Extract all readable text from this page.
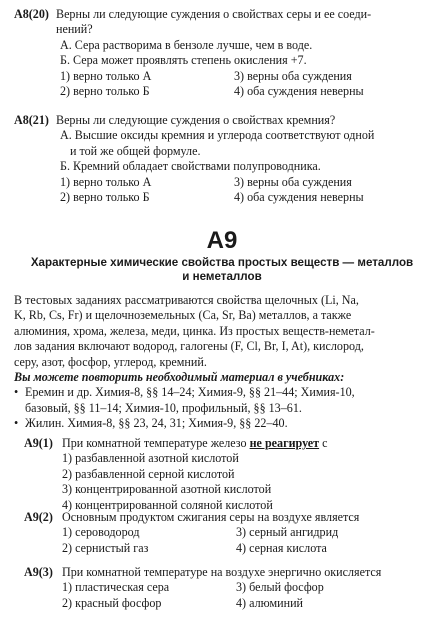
А8(20) Верны ли следующие суждения о свойствах серы и ее соеди-
нений?
А. Сера растворима в бензоле лучше, чем в воде.
Б. Сера может проявлять степень окисления +7.
1) верно только А	3) верны оба суждения
2) верно только Б	4) оба суждения неверны
А8(21) Верны ли следующие суждения о свойствах кремния?
А. Высшие оксиды кремния и углерода соответствуют одной
и той же общей формуле.
Б. Кремний обладает свойствами полупроводника.
1) верно только А	3) верны оба суждения
2) верно только Б	4) оба суждения неверны
A9
Характерные химические свойства простых веществ — металлов
и неметаллов
В тестовых заданиях рассматриваются свойства щелочных (Li, Na,
K, Rb, Cs, Fr) и щелочноземельных (Ca, Sr, Ba) металлов, а также
алюминия, хрома, железа, меди, цинка. Из простых веществ-неметал-
лов задания включают водород, галогены (F, Cl, Br, I, At), кислород,
серу, азот, фосфор, углерод, кремний.
Вы можете повторить необходимый материал в учебниках:
• Еремин и др. Химия-8, §§ 14–24; Химия-9, §§ 21–44; Химия-10,
базовый, §§ 11–14; Химия-10, профильный, §§ 13–61.
• Жилин. Химия-8, §§ 23, 24, 31; Химия-9, §§ 22–40.
А9(1) При комнатной температуре железо не реагирует с
1) разбавленной азотной кислотой
2) разбавленной серной кислотой
3) концентрированной азотной кислотой
4) концентрированной соляной кислотой
А9(2) Основным продуктом сжигания серы на воздухе является
1) сероводород	3) серный ангидрид
2) сернистый газ	4) серная кислота
А9(3) При комнатной температуре на воздухе энергично окисляется
1) пластическая сера	3) белый фосфор
2) красный фосфор	4) алюминий
